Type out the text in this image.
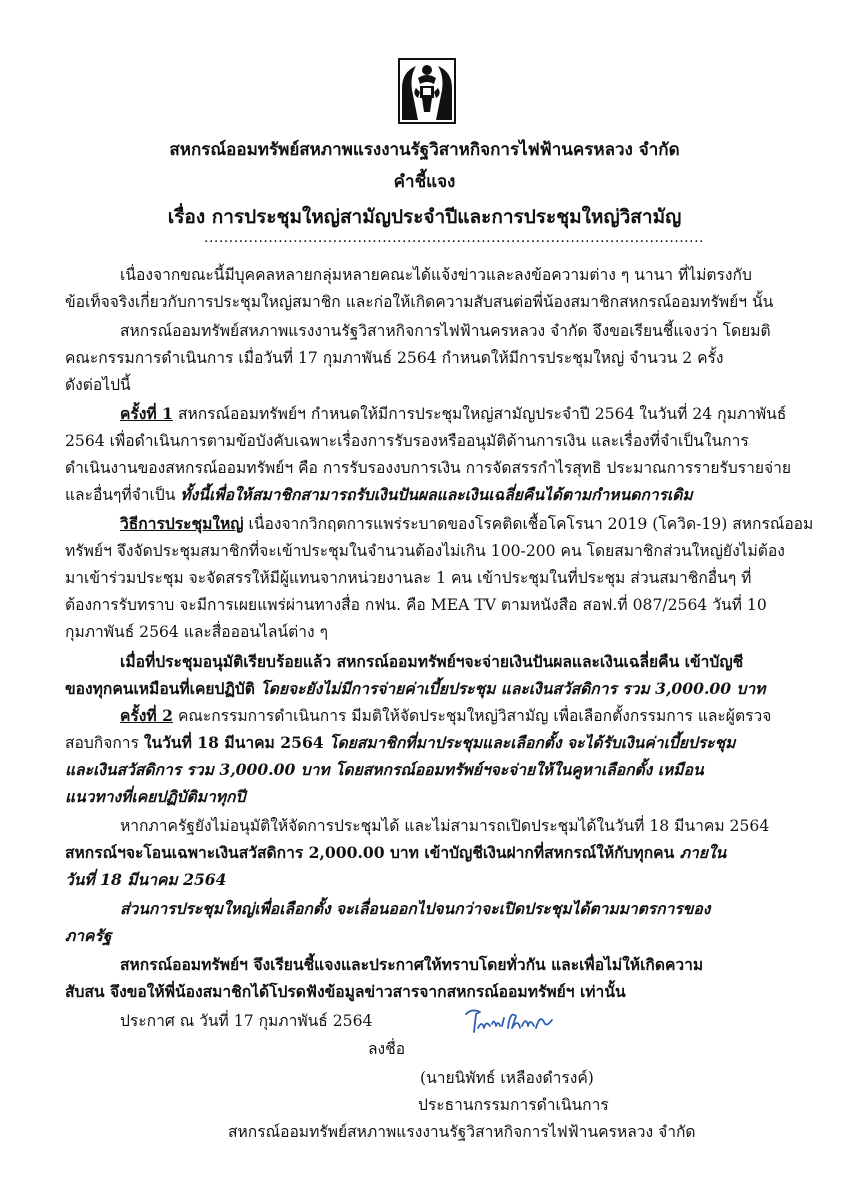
สหกรณ์ออมทรัพย์สหภาพแรงงานรัฐวิสาหกิจการไฟฟ้านครหลวง จำกัด
คำชี้แจง
เรื่อง การประชุมใหญ่สามัญประจำปีและการประชุมใหญ่วิสามัญ
.....................................................................................................
เนื่องจากขณะนี้มีบุคคลหลายกลุ่มหลายคณะได้แจ้งข่าวและลงข้อความต่าง ๆ นานา ที่ไม่ตรงกับ
ข้อเท็จจริงเกี่ยวกับการประชุมใหญ่สมาชิก และก่อให้เกิดความสับสนต่อพี่น้องสมาชิกสหกรณ์ออมทรัพย์ฯ นั้น
สหกรณ์ออมทรัพย์สหภาพแรงงานรัฐวิสาหกิจการไฟฟ้านครหลวง จำกัด จึงขอเรียนชี้แจงว่า โดยมติ
คณะกรรมการดำเนินการ เมื่อวันที่ 17 กุมภาพันธ์ 2564 กำหนดให้มีการประชุมใหญ่ จำนวน 2 ครั้ง
ดังต่อไปนี้
ครั้งที่ 1 สหกรณ์ออมทรัพย์ฯ กำหนดให้มีการประชุมใหญ่สามัญประจำปี 2564 ในวันที่ 24 กุมภาพันธ์
2564 เพื่อดำเนินการตามข้อบังคับเฉพาะเรื่องการรับรองหรืออนุมัติด้านการเงิน และเรื่องที่จำเป็นในการ
ดำเนินงานของสหกรณ์ออมทรัพย์ฯ คือ การรับรองงบการเงิน การจัดสรรกำไรสุทธิ ประมาณการรายรับรายจ่าย
และอื่นๆที่จำเป็น ทั้งนี้เพื่อให้สมาชิกสามารถรับเงินปันผลและเงินเฉลี่ยคืนได้ตามกำหนดการเดิม
วิธีการประชุมใหญ่ เนื่องจากวิกฤตการแพร่ระบาดของโรคติดเชื้อโคโรนา 2019 (โควิด-19) สหกรณ์ออม
ทรัพย์ฯ จึงจัดประชุมสมาชิกที่จะเข้าประชุมในจำนวนต้องไม่เกิน 100-200 คน โดยสมาชิกส่วนใหญ่ยังไม่ต้อง
มาเข้าร่วมประชุม จะจัดสรรให้มีผู้แทนจากหน่วยงานละ 1 คน เข้าประชุมในที่ประชุม ส่วนสมาชิกอื่นๆ ที่
ต้องการรับทราบ จะมีการเผยแพร่ผ่านทางสื่อ กฟน. คือ MEA TV ตามหนังสือ สอฟ.ที่ 087/2564 วันที่ 10
กุมภาพันธ์ 2564 และสื่อออนไลน์ต่าง ๆ
เมื่อที่ประชุมอนุมัติเรียบร้อยแล้ว สหกรณ์ออมทรัพย์ฯจะจ่ายเงินปันผลและเงินเฉลี่ยคืน เข้าบัญชี
ของทุกคนเหมือนที่เคยปฏิบัติ โดยจะยังไม่มีการจ่ายค่าเบี้ยประชุม และเงินสวัสดิการ รวม 3,000.00 บาท
ครั้งที่ 2 คณะกรรมการดำเนินการ มีมติให้จัดประชุมใหญ่วิสามัญ เพื่อเลือกตั้งกรรมการ และผู้ตรวจ
สอบกิจการ ในวันที่ 18 มีนาคม 2564 โดยสมาชิกที่มาประชุมและเลือกตั้ง จะได้รับเงินค่าเบี้ยประชุม
และเงินสวัสดิการ รวม 3,000.00 บาท โดยสหกรณ์ออมทรัพย์ฯจะจ่ายให้ในคูหาเลือกตั้ง เหมือน
แนวทางที่เคยปฏิบัติมาทุกปี
หากภาครัฐยังไม่อนุมัติให้จัดการประชุมได้ และไม่สามารถเปิดประชุมได้ในวันที่ 18 มีนาคม 2564
สหกรณ์ฯจะโอนเฉพาะเงินสวัสดิการ 2,000.00 บาท เข้าบัญชีเงินฝากที่สหกรณ์ให้กับทุกคน ภายใน
วันที่ 18 มีนาคม 2564
ส่วนการประชุมใหญ่เพื่อเลือกตั้ง จะเลื่อนออกไปจนกว่าจะเปิดประชุมได้ตามมาตรการของ
ภาครัฐ
สหกรณ์ออมทรัพย์ฯ จึงเรียนชี้แจงและประกาศให้ทราบโดยทั่วกัน และเพื่อไม่ให้เกิดความ
สับสน จึงขอให้พี่น้องสมาชิกได้โปรดฟังข้อมูลข่าวสารจากสหกรณ์ออมทรัพย์ฯ เท่านั้น
ประกาศ ณ วันที่ 17 กุมภาพันธ์ 2564
ลงชื่อ
(นายนิพัทธ์ เหลืองดำรงค์)
ประธานกรรมการดำเนินการ
สหกรณ์ออมทรัพย์สหภาพแรงงานรัฐวิสาหกิจการไฟฟ้านครหลวง จำกัด
